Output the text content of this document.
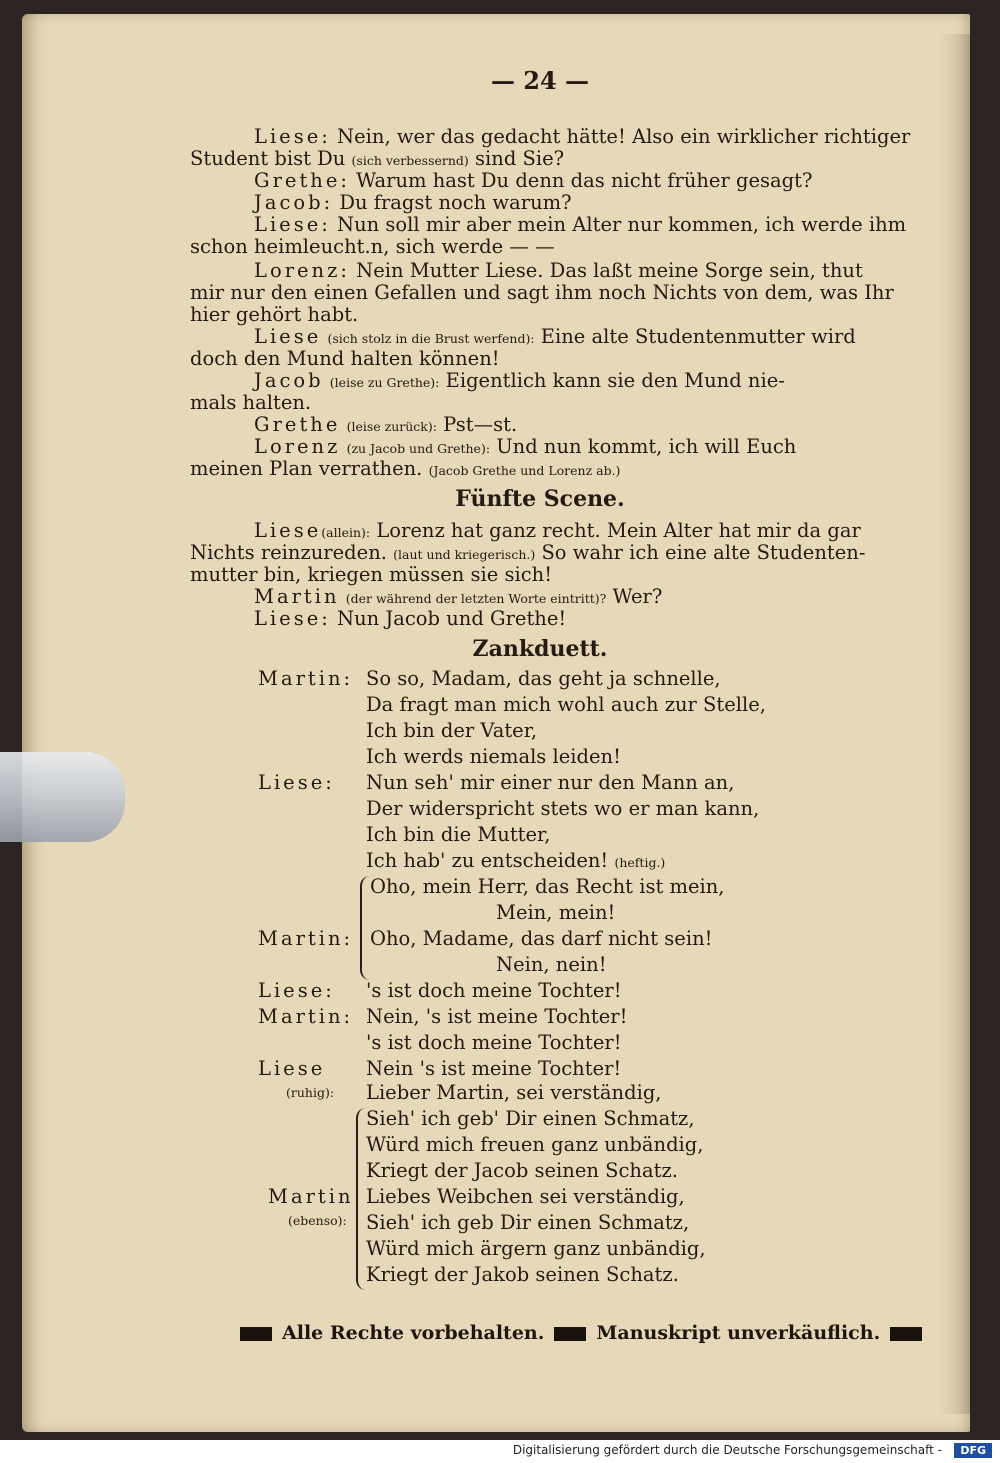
— 24 —
Liese: Nein, wer das gedacht hätte! Also ein wirklicher richtiger
Student bist Du (sich verbessernd) sind Sie?
Grethe: Warum hast Du denn das nicht früher gesagt?
Jacob: Du fragst noch warum?
Liese: Nun soll mir aber mein Alter nur kommen, ich werde ihm
schon heimleucht.n, sich werde — —
Lorenz: Nein Mutter Liese. Das laßt meine Sorge sein, thut
mir nur den einen Gefallen und sagt ihm noch Nichts von dem, was Ihr
hier gehört habt.
Liese (sich stolz in die Brust werfend): Eine alte Studentenmutter wird
doch den Mund halten können!
Jacob (leise zu Grethe): Eigentlich kann sie den Mund nie-
mals halten.
Grethe (leise zurück): Pst—st.
Lorenz (zu Jacob und Grethe): Und nun kommt, ich will Euch
meinen Plan verrathen. (Jacob Grethe und Lorenz ab.)
Fünfte Scene.
Liese(allein): Lorenz hat ganz recht. Mein Alter hat mir da gar
Nichts reinzureden. (laut und kriegerisch.) So wahr ich eine alte Studenten-
mutter bin, kriegen müssen sie sich!
Martin (der während der letzten Worte eintritt)? Wer?
Liese: Nun Jacob und Grethe!
Zankduett.
Martin: So so, Madam, das geht ja schnelle,
Da fragt man mich wohl auch zur Stelle,
Ich bin der Vater,
Ich werds niemals leiden!
Liese: Nun seh' mir einer nur den Mann an,
Der widerspricht stets wo er man kann,
Ich bin die Mutter,
Ich hab' zu entscheiden! (heftig.)
Oho, mein Herr, das Recht ist mein,
Mein, mein!
Martin: Oho, Madame, das darf nicht sein!
Nein, nein!
Liese: 's ist doch meine Tochter!
Martin: Nein, 's ist meine Tochter!
's ist doch meine Tochter!
Liese Nein 's ist meine Tochter!
(ruhig): Lieber Martin, sei verständig,
Sieh' ich geb' Dir einen Schmatz,
Würd mich freuen ganz unbändig,
Kriegt der Jacob seinen Schatz.
Martin Liebes Weibchen sei verständig,
(ebenso): Sieh' ich geb Dir einen Schmatz,
Würd mich ärgern ganz unbändig,
Kriegt der Jakob seinen Schatz.
Alle Rechte vorbehalten.	Manuskript unverkäuflich.
Digitalisierung gefördert durch die Deutsche Forschungsgemeinschaft -	DFG
